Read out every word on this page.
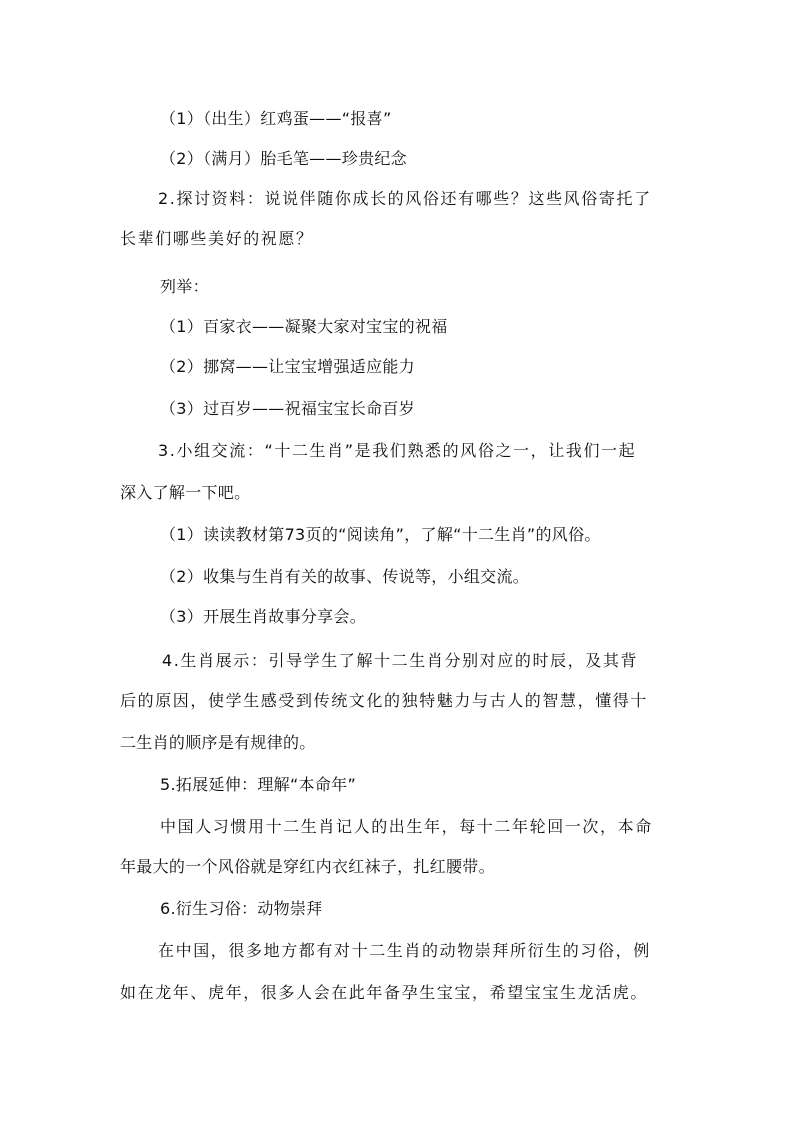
（1）（出生）红鸡蛋——“报喜”
（2）（满月）胎毛笔——珍贵纪念
2.探讨资料：说说伴随你成长的风俗还有哪些？这些风俗寄托了
长辈们哪些美好的祝愿？
列举：
（1）百家衣——凝聚大家对宝宝的祝福
（2）挪窝——让宝宝增强适应能力
（3）过百岁——祝福宝宝长命百岁
3.小组交流：“十二生肖”是我们熟悉的风俗之一，让我们一起
深入了解一下吧。
（1）读读教材第73页的“阅读角”，了解“十二生肖”的风俗。
（2）收集与生肖有关的故事、传说等，小组交流。
（3）开展生肖故事分享会。
4.生肖展示：引导学生了解十二生肖分别对应的时辰，及其背
后的原因，使学生感受到传统文化的独特魅力与古人的智慧，懂得十
二生肖的顺序是有规律的。
5.拓展延伸：理解“本命年”
中国人习惯用十二生肖记人的出生年，每十二年轮回一次，本命
年最大的一个风俗就是穿红内衣红袜子，扎红腰带。
6.衍生习俗：动物崇拜
在中国，很多地方都有对十二生肖的动物崇拜所衍生的习俗，例
如在龙年、虎年，很多人会在此年备孕生宝宝，希望宝宝生龙活虎。
